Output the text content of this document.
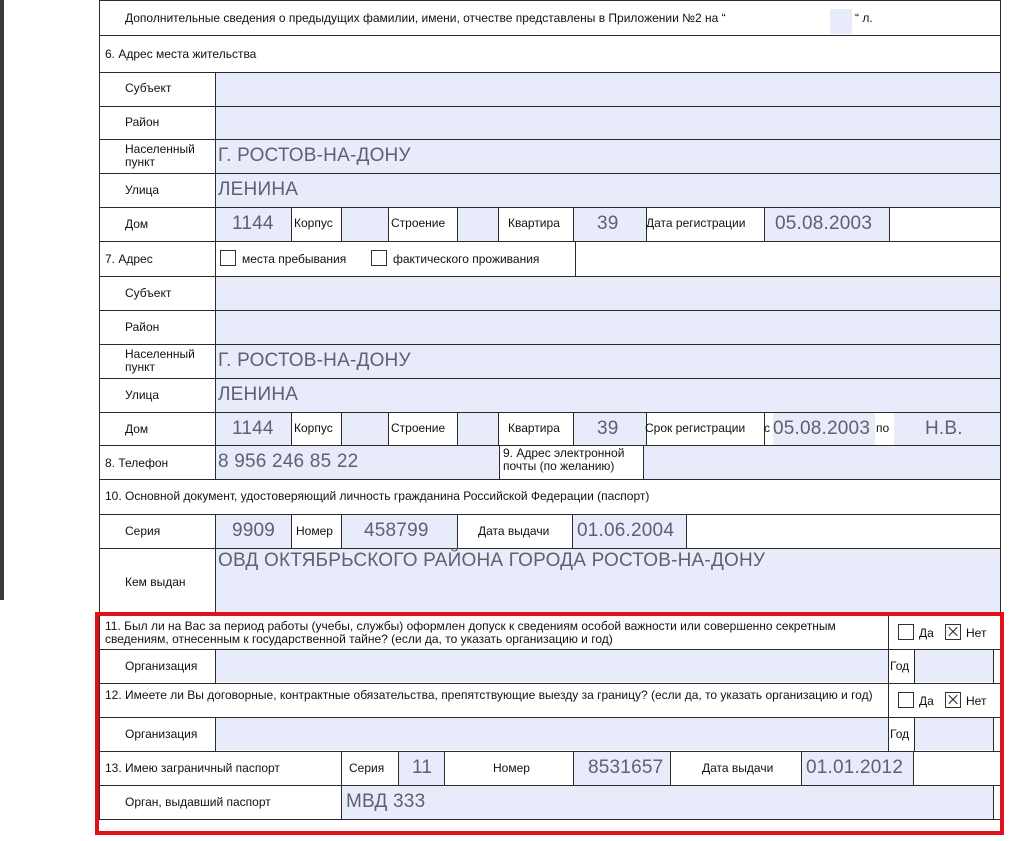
Дополнительные сведения о предыдущих фамилии, имени, отчестве представлены в Приложении №2 на “	“ л.
6. Адрес места жительства
Субъект
Район
Населенный пункт	Г. РОСТОВ-НА-ДОНУ
Улица	ЛЕНИНА
Дом	1144 Корпус	Строение	Квартира 39 Дата регистрации 05.08.2003
7. Адрес	места пребывания	фактического проживания
Субъект
Район
Населенный пункт	Г. РОСТОВ-НА-ДОНУ
Улица	ЛЕНИНА
Дом	1144 Корпус	Строение	Квартира 39 Срок регистрации с 05.08.2003 по Н.В.
8. Телефон	8 956 246 85 22	9. Адрес электронной почты (по желанию)
10. Основной документ, удостоверяющий личность гражданина Российской Федерации (паспорт)
Серия	9909 Номер 458799	Дата выдачи 01.06.2004
Кем выдан
ОВД ОКТЯБРЬСКОГО РАЙОНА ГОРОДА РОСТОВ-НА-ДОНУ
11. Был ли на Вас за период работы (учебы, службы) оформлен допуск к сведениям особой важности или совершенно секретным сведениям, отнесенным к государственной тайне? (если да, то указать организацию и год)	Да	Нет
Организация	Год
12. Имеете ли Вы договорные, контрактные обязательства, препятствующие выезду за границу? (если да, то указать организацию и год)	Да	Нет
Организация	Год
13. Имею заграничный паспорт	Серия 11	Номер	8531657	Дата выдачи 01.01.2012
Орган, выдавший паспорт	МВД 333
